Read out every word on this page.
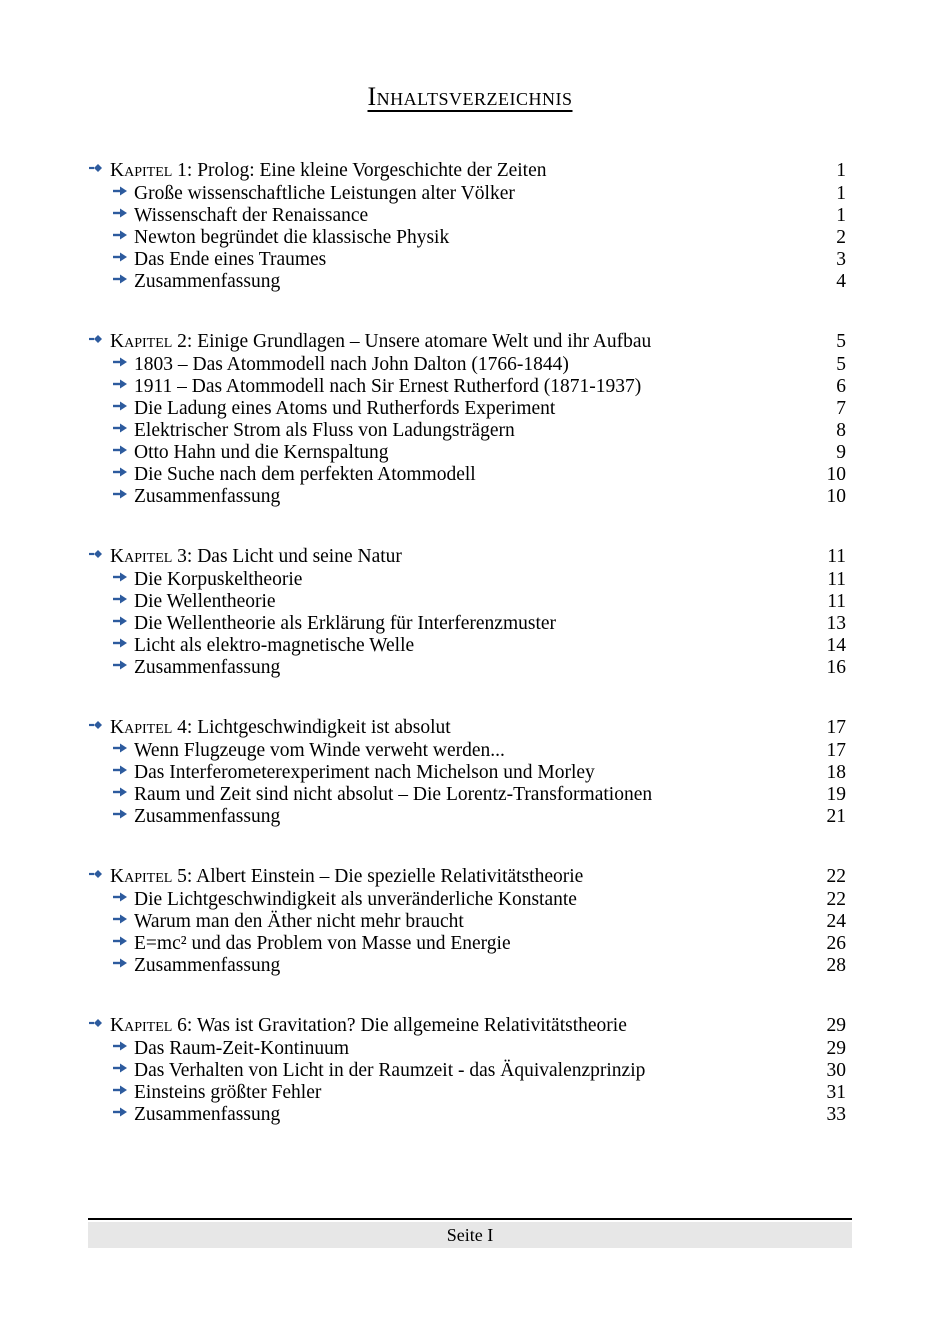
Inhaltsverzeichnis
Kapitel 1: Prolog: Eine kleine Vorgeschichte der Zeiten	1
Große wissenschaftliche Leistungen alter Völker	1
Wissenschaft der Renaissance	1
Newton begründet die klassische Physik	2
Das Ende eines Traumes	3
Zusammenfassung	4
Kapitel 2: Einige Grundlagen – Unsere atomare Welt und ihr Aufbau	5
1803 – Das Atommodell nach John Dalton (1766-1844)	5
1911 – Das Atommodell nach Sir Ernest Rutherford (1871-1937)	6
Die Ladung eines Atoms und Rutherfords Experiment	7
Elektrischer Strom als Fluss von Ladungsträgern	8
Otto Hahn und die Kernspaltung	9
Die Suche nach dem perfekten Atommodell	10
Zusammenfassung	10
Kapitel 3: Das Licht und seine Natur	11
Die Korpuskeltheorie	11
Die Wellentheorie	11
Die Wellentheorie als Erklärung für Interferenzmuster	13
Licht als elektro-magnetische Welle	14
Zusammenfassung	16
Kapitel 4: Lichtgeschwindigkeit ist absolut	17
Wenn Flugzeuge vom Winde verweht werden...	17
Das Interferometerexperiment nach Michelson und Morley	18
Raum und Zeit sind nicht absolut – Die Lorentz-Transformationen	19
Zusammenfassung	21
Kapitel 5: Albert Einstein – Die spezielle Relativitätstheorie	22
Die Lichtgeschwindigkeit als unveränderliche Konstante	22
Warum man den Äther nicht mehr braucht	24
E=mc² und das Problem von Masse und Energie	26
Zusammenfassung	28
Kapitel 6: Was ist Gravitation? Die allgemeine Relativitätstheorie	29
Das Raum-Zeit-Kontinuum	29
Das Verhalten von Licht in der Raumzeit - das Äquivalenzprinzip	30
Einsteins größter Fehler	31
Zusammenfassung	33
Seite I
